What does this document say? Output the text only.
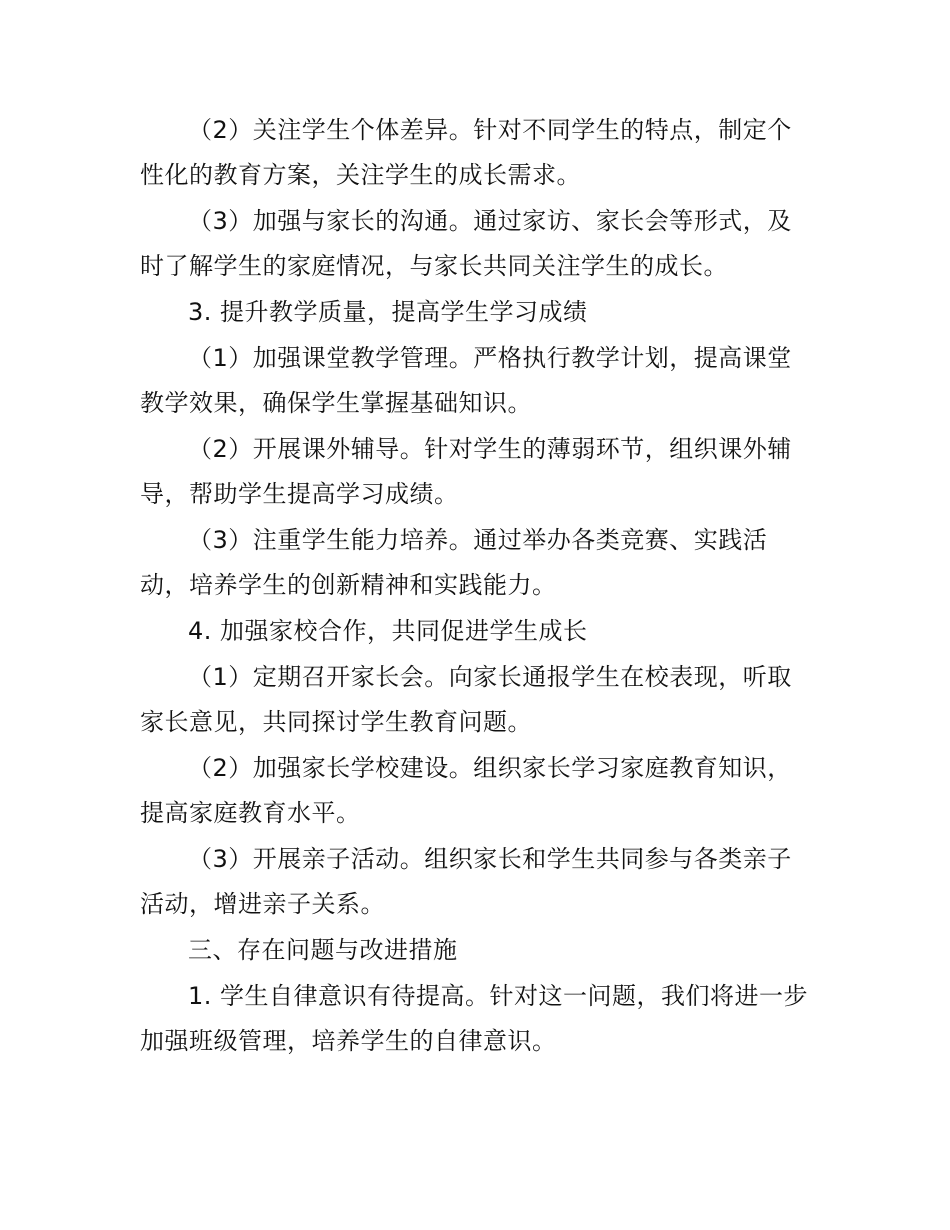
（2）关注学生个体差异。针对不同学生的特点，制定个性化的教育方案，关注学生的成长需求。

（3）加强与家长的沟通。通过家访、家长会等形式，及时了解学生的家庭情况，与家长共同关注学生的成长。

3. 提升教学质量，提高学生学习成绩

（1）加强课堂教学管理。严格执行教学计划，提高课堂教学效果，确保学生掌握基础知识。

（2）开展课外辅导。针对学生的薄弱环节，组织课外辅导，帮助学生提高学习成绩。

（3）注重学生能力培养。通过举办各类竞赛、实践活动，培养学生的创新精神和实践能力。

4. 加强家校合作，共同促进学生成长

（1）定期召开家长会。向家长通报学生在校表现，听取家长意见，共同探讨学生教育问题。

（2）加强家长学校建设。组织家长学习家庭教育知识，提高家庭教育水平。

（3）开展亲子活动。组织家长和学生共同参与各类亲子活动，增进亲子关系。

三、存在问题与改进措施

1. 学生自律意识有待提高。针对这一问题，我们将进一步加强班级管理，培养学生的自律意识。
